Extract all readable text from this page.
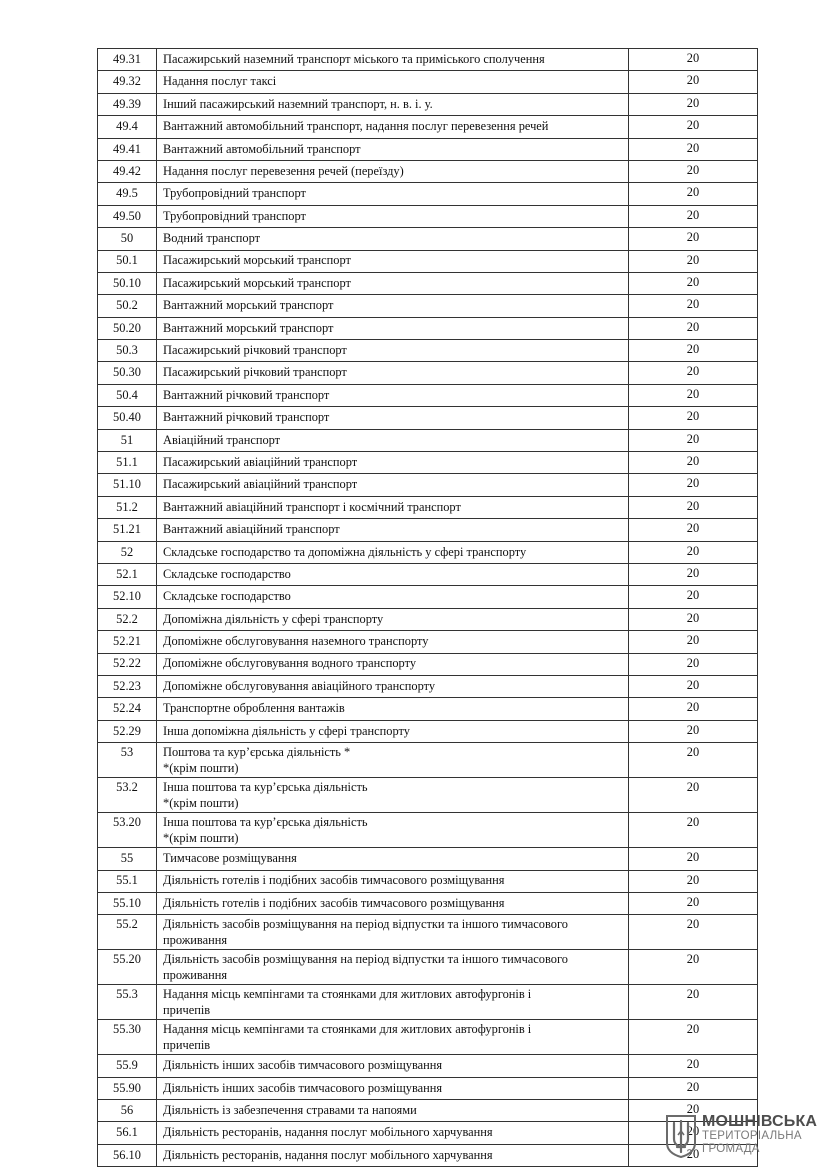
49.31	Пасажирський наземний транспорт міського та приміського сполучення	20
49.32	Надання послуг таксі	20
49.39	Інший пасажирський наземний транспорт, н. в. і. у.	20
49.4	Вантажний автомобільний транспорт, надання послуг перевезення речей	20
49.41	Вантажний автомобільний транспорт	20
49.42	Надання послуг перевезення речей (переїзду)	20
49.5	Трубопровідний транспорт	20
49.50	Трубопровідний транспорт	20
50	Водний транспорт	20
50.1	Пасажирський морський транспорт	20
50.10	Пасажирський морський транспорт	20
50.2	Вантажний морський транспорт	20
50.20	Вантажний морський транспорт	20
50.3	Пасажирський річковий транспорт	20
50.30	Пасажирський річковий транспорт	20
50.4	Вантажний річковий транспорт	20
50.40	Вантажний річковий транспорт	20
51	Авіаційний транспорт	20
51.1	Пасажирський авіаційний транспорт	20
51.10	Пасажирський авіаційний транспорт	20
51.2	Вантажний авіаційний транспорт і космічний транспорт	20
51.21	Вантажний авіаційний транспорт	20
52	Складське господарство та допоміжна діяльність у сфері транспорту	20
52.1	Складське господарство	20
52.10	Складське господарство	20
52.2	Допоміжна діяльність у сфері транспорту	20
52.21	Допоміжне обслуговування наземного транспорту	20
52.22	Допоміжне обслуговування водного транспорту	20
52.23	Допоміжне обслуговування авіаційного транспорту	20
52.24	Транспортне оброблення вантажів	20
52.29	Інша допоміжна діяльність у сфері транспорту	20
53	Поштова та кур’єрська діяльність *
*(крім пошти)	20
53.2	Інша поштова та кур’єрська діяльність
*(крім пошти)	20
53.20	Інша поштова та кур’єрська діяльність
*(крім пошти)	20
55	Тимчасове розміщування	20
55.1	Діяльність готелів і подібних засобів тимчасового розміщування	20
55.10	Діяльність готелів і подібних засобів тимчасового розміщування	20
55.2	Діяльність засобів розміщування на період відпустки та іншого тимчасового
проживання	20
55.20	Діяльність засобів розміщування на період відпустки та іншого тимчасового
проживання	20
55.3	Надання місць кемпінгами та стоянками для житлових автофургонів і
причепів	20
55.30	Надання місць кемпінгами та стоянками для житлових автофургонів і
причепів	20
55.9	Діяльність інших засобів тимчасового розміщування	20
55.90	Діяльність інших засобів тимчасового розміщування	20
56	Діяльність із забезпечення стравами та напоями	20
56.1	Діяльність ресторанів, надання послуг мобільного харчування	20
56.10	Діяльність ресторанів, надання послуг мобільного харчування	20
МОШНІВСЬКА
ТЕРИТОРІАЛЬНА
ГРОМАДА
